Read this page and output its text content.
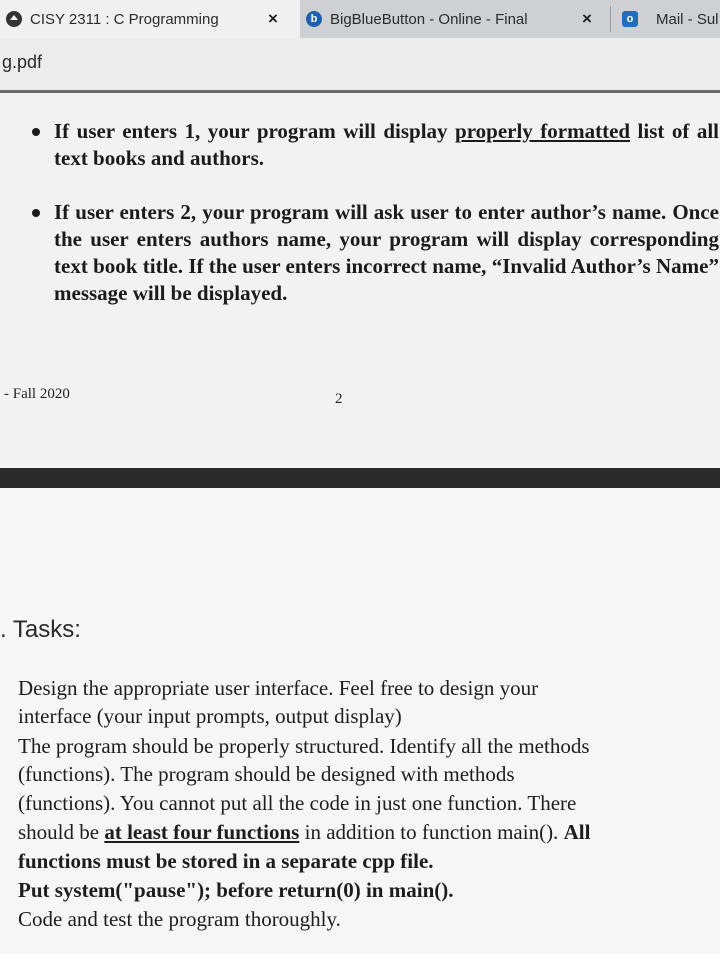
CISY 2311 : C Programming	×	b BigBlueButton - Online - Final	×	o	Mail - Sul
g.pdf
If user enters 1, your program will display properly formatted list of all text books and authors.
If user enters 2, your program will ask user to enter author’s name. Once the user enters authors name, your program will display corresponding text book title. If the user enters incorrect name, “Invalid Author’s Name” message will be displayed.
- Fall 2020	2
. Tasks:
Design the appropriate user interface. Feel free to design your
interface (your input prompts, output display)
The program should be properly structured. Identify all the methods
(functions). The program should be designed with methods
(functions). You cannot put all the code in just one function. There
should be at least four functions in addition to function main(). All
functions must be stored in a separate cpp file.
Put system("pause"); before return(0) in main().
Code and test the program thoroughly.
